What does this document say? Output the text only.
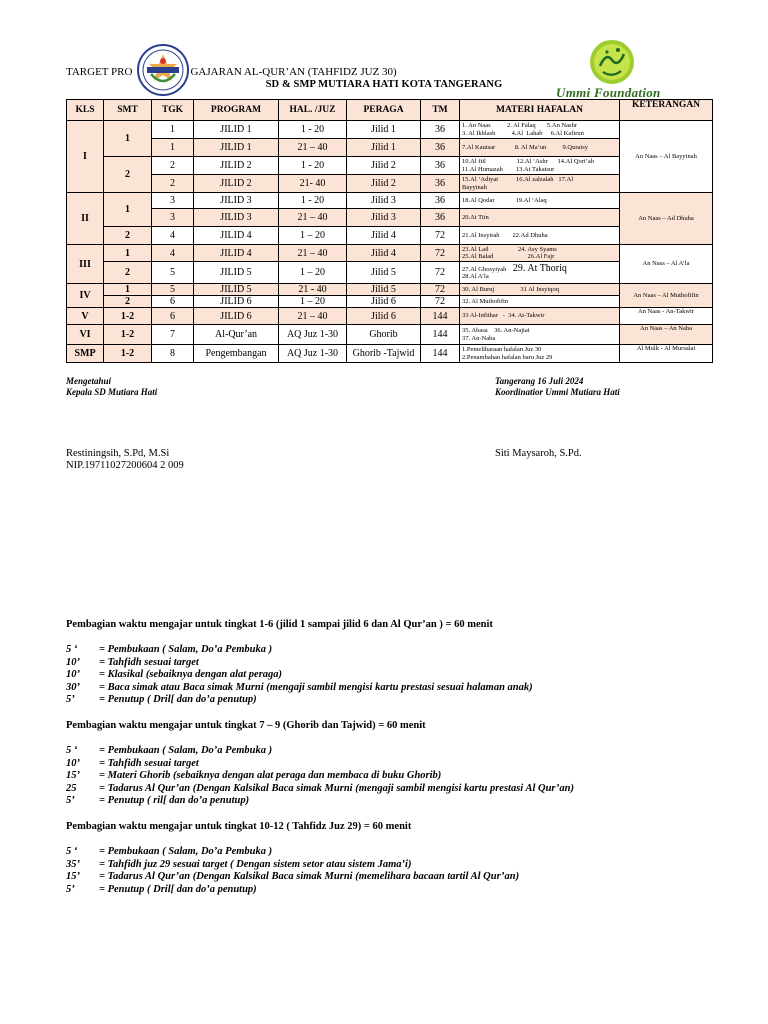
TARGET PRO	GAJARAN AL-QUR’AN (TAHFIDZ JUZ 30)
Ummi Foundation
SD & SMP MUTIARA HATI KOTA TANGERANG
KLS	SMT	TGK	PROGRAM	HAL. /JUZ	PERAGA	TM	MATERI HAFALAN	KETERANGAN
I	1	1	JILID 1	1 - 20	Jilid 1	36	1. An Naas          2. Al Falaq       5.An Nashr
3. Al Ikhlash          4.Al  Lahab     6.Al Kafirun	An Naas – Al Bayyinah
		1	JILID 1	21 – 40	Jilid 1	36	7.Al Kautsar            8. Al Ma’un          9.Quraisy	

	2	2	JILID 2	1 - 20	Jilid 2	36	10.Al fiil                   12.Al ‘Ashr      14.Al Qori’ah
11.Al Humazah        13.At Takatsur	

		2	JILID 2	21- 40	Jilid 2	36	15.Al ‘Adiyat           16.Al zalzalah   17.Al
Bayyinah	

II	1	3	JILID 3	1 - 20	Jilid 3	36	18.Al Qodar             19.Al ‘Alaq	An Naas – Ad Dhuha
		3	JILID 3	21 – 40	Jilid 3	36	20.At Tiin	

	2	4	JILID 4	1 – 20	Jilid 4	72	21.Al Insyirah        22.Ad Dhuha	

III	1	4	JILID 4	21 – 40	Jilid 4	72	23.Al Lail                  24. Asy Syams
25.Al Balad                     26.Al Fajr	An Nass – Al A’la
	2	5	JILID 5	1 – 20	Jilid 5	72	27.Al Ghosyiyah 29. At Thoriq
28.Al A’la	

IV	1	5	JILID 5	21 - 40	Jilid 5	72	30. Al Buruj                31 Al Insyiqoq	An Naas – Al Muthofifin
	2	6	JILID 6	1 – 20	Jilid 6	72	32. Al Muthofifin	

V	1-2	6	JILID 6	21 – 40	Jilid 6	144	33 Al-Infithar   -  34. At-Takwir	An Naas - An-Takwir
VI	1-2	7	Al-Qur’an	AQ Juz 1-30	Ghorib	144	35. Abasa    36. An-Najiat
37. An-Naba	An Naas – An Naba
SMP	1-2	8	Pengembangan	AQ Juz 1-30	Ghorib -Tajwid	144	1.Pemeliharaan hafalan Juz 30
2.Penambahan hafalan baru Juz 29	Al Mulk - Al Mursalat
Mengetahui
Kepala SD Mutiara Hati
Tangerang 16 Juli 2024
Koordinatior Ummi Mutiara Hati
Restiningsih, S.Pd, M.Si
NIP.19711027200604 2 009
Siti Maysaroh, S.Pd.
Pembagian waktu mengajar untuk tingkat 1-6 (jilid 1 sampai jilid 6 dan Al Qur’an ) = 60 menit
5 ‘ = Pembukaan ( Salam, Do’a Pembuka )
10’ = Tahfidh sesuai target
10’ = Klasikal (sebaiknya dengan alat peraga)
30’ = Baca simak atau Baca simak Murni (mengaji sambil mengisi kartu prestasi sesuai halaman anak)
5’ = Penutup ( Dril[ dan do’a penutup)
Pembagian waktu mengajar untuk tingkat 7 – 9 (Ghorib dan Tajwid) = 60 menit
5 ‘ = Pembukaan ( Salam, Do’a Pembuka )
10’ = Tahfidh sesuai target
15’ = Materi Ghorib (sebaiknya dengan alat peraga dan membaca di buku Ghorib)
25 = Tadarus Al Qur’an (Dengan Kalsikal Baca simak Murni (mengaji sambil mengisi kartu prestasi Al Qur’an)
5’ = Penutup ( ril[ dan do’a penutup)
Pembagian waktu mengajar untuk tingkat 10-12 ( Tahfidz Juz 29) = 60 menit
5 ‘ = Pembukaan ( Salam, Do’a Pembuka )
35’ = Tahfidh juz 29 sesuai target ( Dengan sistem setor atau sistem Jama’i)
15’ = Tadarus Al Qur’an (Dengan Kalsikal Baca simak Murni (memelihara bacaan tartil Al Qur’an)
5’ = Penutup ( Dril[ dan do’a penutup)
